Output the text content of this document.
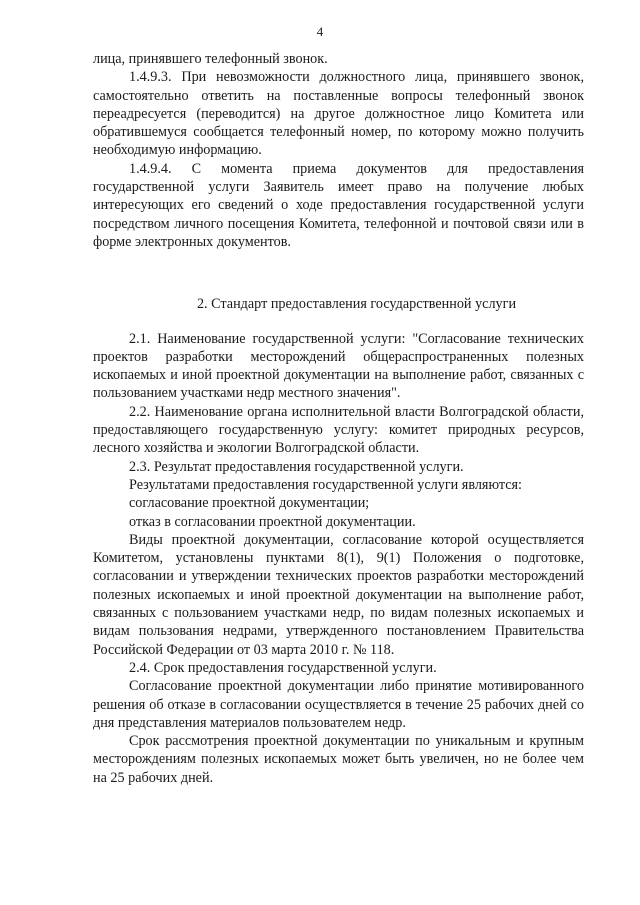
4

лица, принявшего телефонный звонок.

1.4.9.3. При невозможности должностного лица, принявшего звонок, самостоятельно ответить на поставленные вопросы телефонный звонок переадресуется (переводится) на другое должностное лицо Комитета или обратившемуся сообщается телефонный номер, по которому можно получить необходимую информацию.

1.4.9.4. С момента приема документов для предоставления государственной услуги Заявитель имеет право на получение любых интересующих его сведений о ходе предоставления государственной услуги посредством личного посещения Комитета, телефонной и почтовой связи или в форме электронных документов.

2. Стандарт предоставления государственной услуги

2.1. Наименование государственной услуги: "Согласование технических проектов разработки месторождений общераспространенных полезных ископаемых и иной проектной документации на выполнение работ, связанных с пользованием участками недр местного значения".

2.2. Наименование органа исполнительной власти Волгоградской области, предоставляющего государственную услугу: комитет природных ресурсов, лесного хозяйства и экологии Волгоградской области.

2.3. Результат предоставления государственной услуги.

Результатами предоставления государственной услуги являются:

согласование проектной документации;

отказ в согласовании проектной документации.

Виды проектной документации, согласование которой осуществляется Комитетом, установлены пунктами 8(1), 9(1) Положения о подготовке, согласовании и утверждении технических проектов разработки месторождений полезных ископаемых и иной проектной документации на выполнение работ, связанных с пользованием участками недр, по видам полезных ископаемых и видам пользования недрами, утвержденного постановлением Правительства Российской Федерации от 03 марта 2010 г. № 118.

2.4. Срок предоставления государственной услуги.

Согласование проектной документации либо принятие мотивированного решения об отказе в согласовании осуществляется в течение 25 рабочих дней со дня представления материалов пользователем недр.

Срок рассмотрения проектной документации по уникальным и крупным месторождениям полезных ископаемых может быть увеличен, но не более чем на 25 рабочих дней.
